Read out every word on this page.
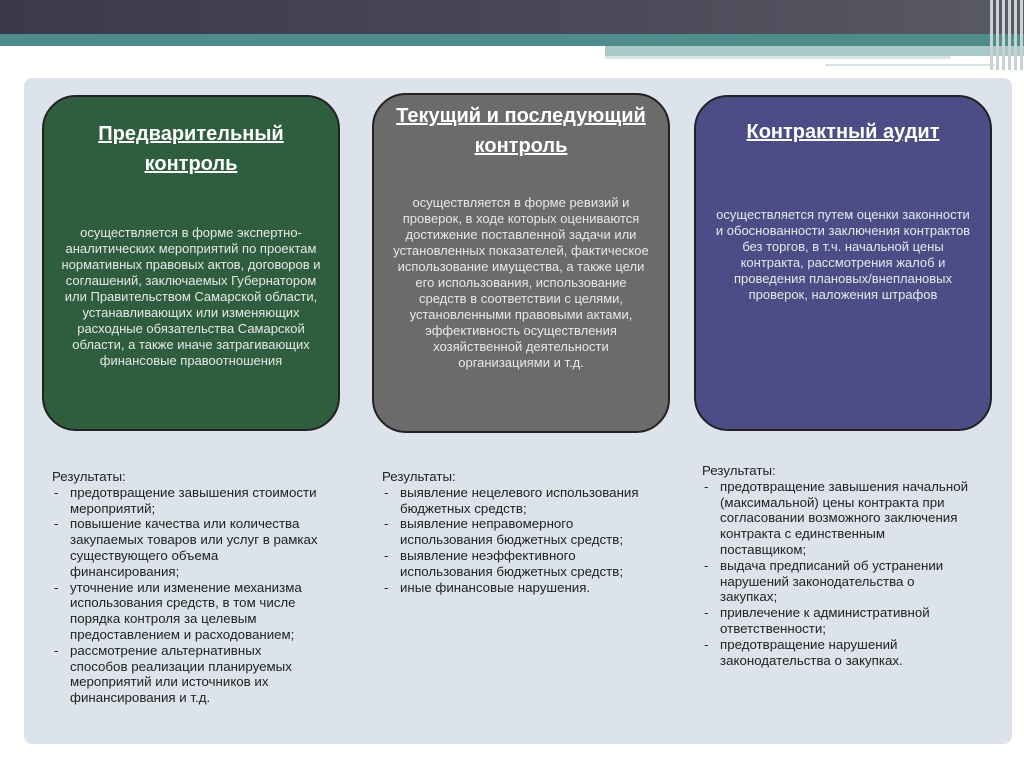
Предварительный контроль
осуществляется в форме экспертно-аналитических мероприятий по проектам нормативных правовых актов, договоров и соглашений, заключаемых Губернатором или Правительством Самарской области, устанавливающих или изменяющих расходные обязательства Самарской области, а также иначе затрагивающих финансовые правоотношения
Текущий и последующий контроль
осуществляется в форме ревизий и проверок, в ходе которых оцениваются достижение поставленной задачи или установленных показателей, фактическое использование имущества, а также цели его использования, использование средств в соответствии с целями, установленными правовыми актами, эффективность осуществления хозяйственной деятельности организациями и т.д.
Контрактный аудит
осуществляется путем оценки законности и обоснованности заключения контрактов без торгов, в т.ч. начальной цены контракта, рассмотрения жалоб и проведения плановых/внеплановых проверок, наложения штрафов
Результаты:
- предотвращение завышения стоимости мероприятий;
- повышение качества или количества закупаемых товаров или услуг в рамках существующего объема финансирования;
- уточнение или изменение механизма использования средств, в том числе порядка контроля за целевым предоставлением и расходованием;
- рассмотрение альтернативных способов реализации планируемых мероприятий или источников их финансирования и т.д.
Результаты:
- выявление нецелевого использования бюджетных средств;
- выявление неправомерного использования бюджетных средств;
- выявление неэффективного использования бюджетных средств;
- иные финансовые нарушения.
Результаты:
- предотвращение завышения начальной (максимальной) цены контракта при согласовании возможного заключения контракта с единственным поставщиком;
- выдача предписаний об устранении нарушений законодательства о закупках;
- привлечение к административной ответственности;
- предотвращение нарушений законодательства о закупках.
